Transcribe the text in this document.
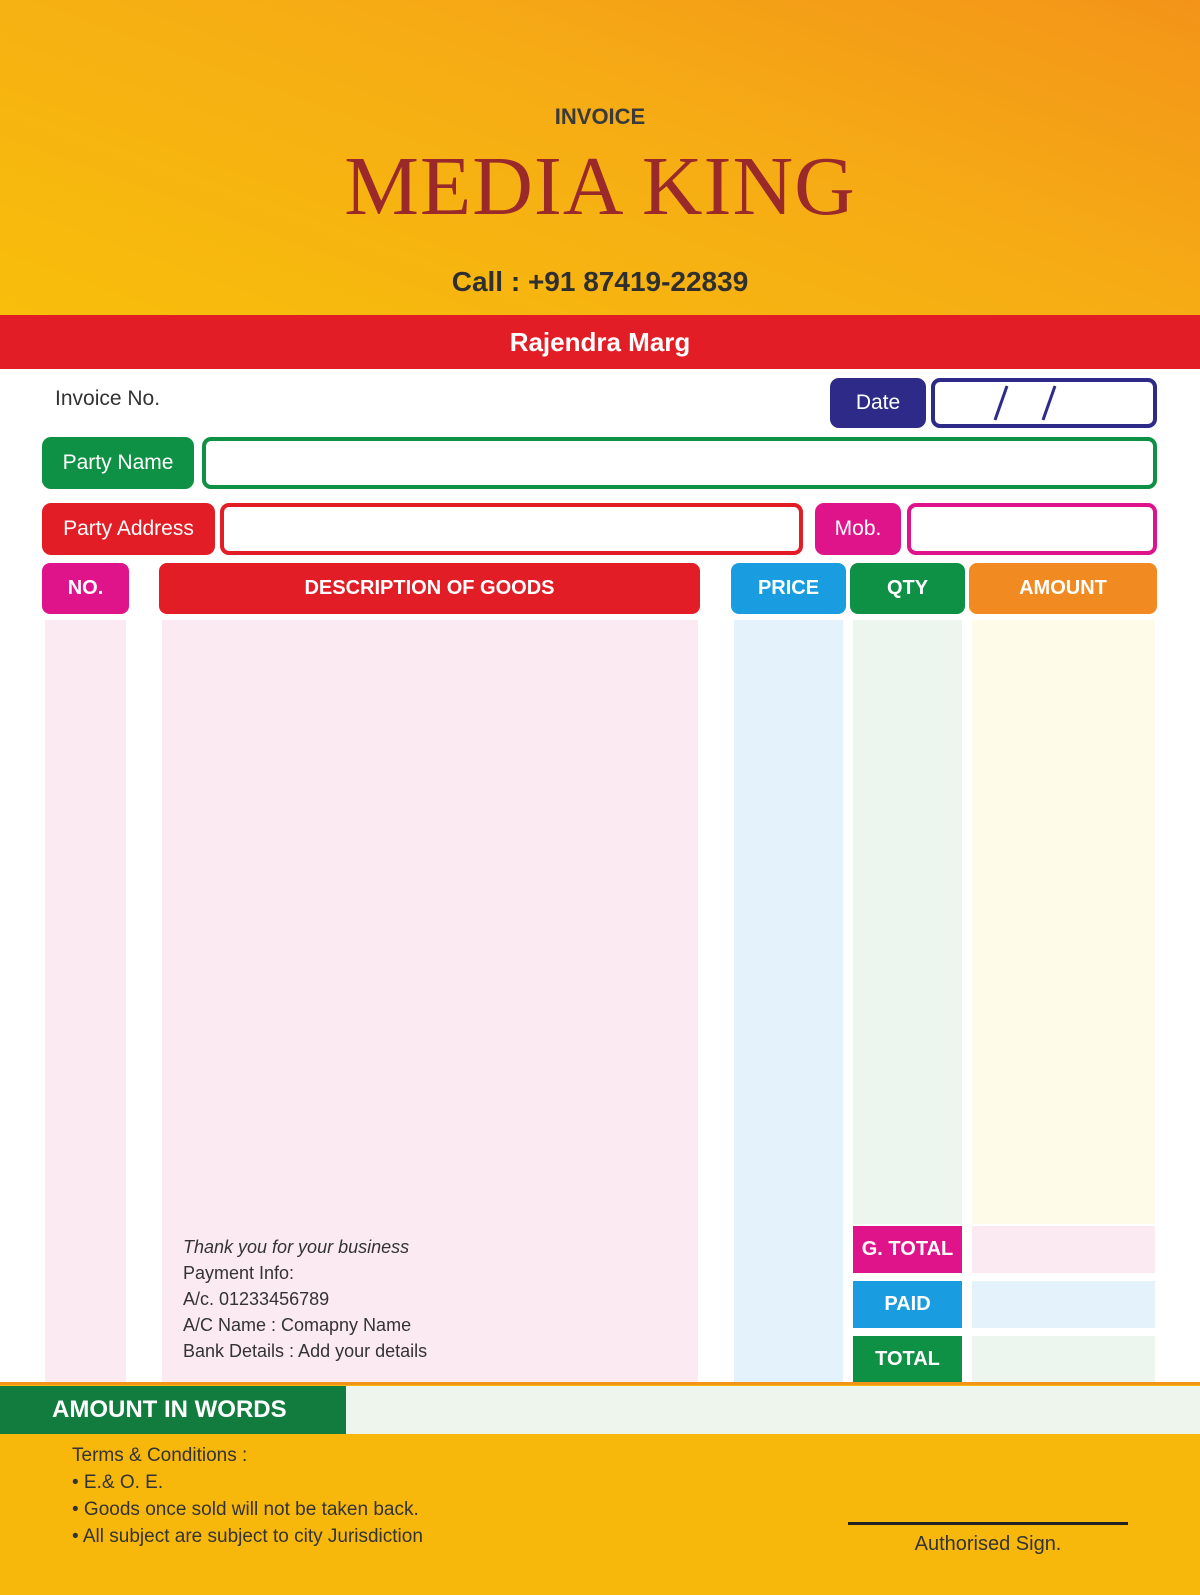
INVOICE
MEDIA KING
Call : +91 87419-22839
Rajendra Marg
Invoice No.	Date
Party Name
Party Address	Mob.
NO.	DESCRIPTION OF GOODS	PRICE	QTY	AMOUNT
Thank you for your business
Payment Info:
A/c. 01233456789
A/C Name : Comapny Name
Bank Details : Add your details
G. TOTAL
PAID
TOTAL
AMOUNT IN WORDS
Terms & Conditions :
• E.& O. E.
• Goods once sold will not be taken back.
• All subject are subject to city Jurisdiction	Authorised Sign.
